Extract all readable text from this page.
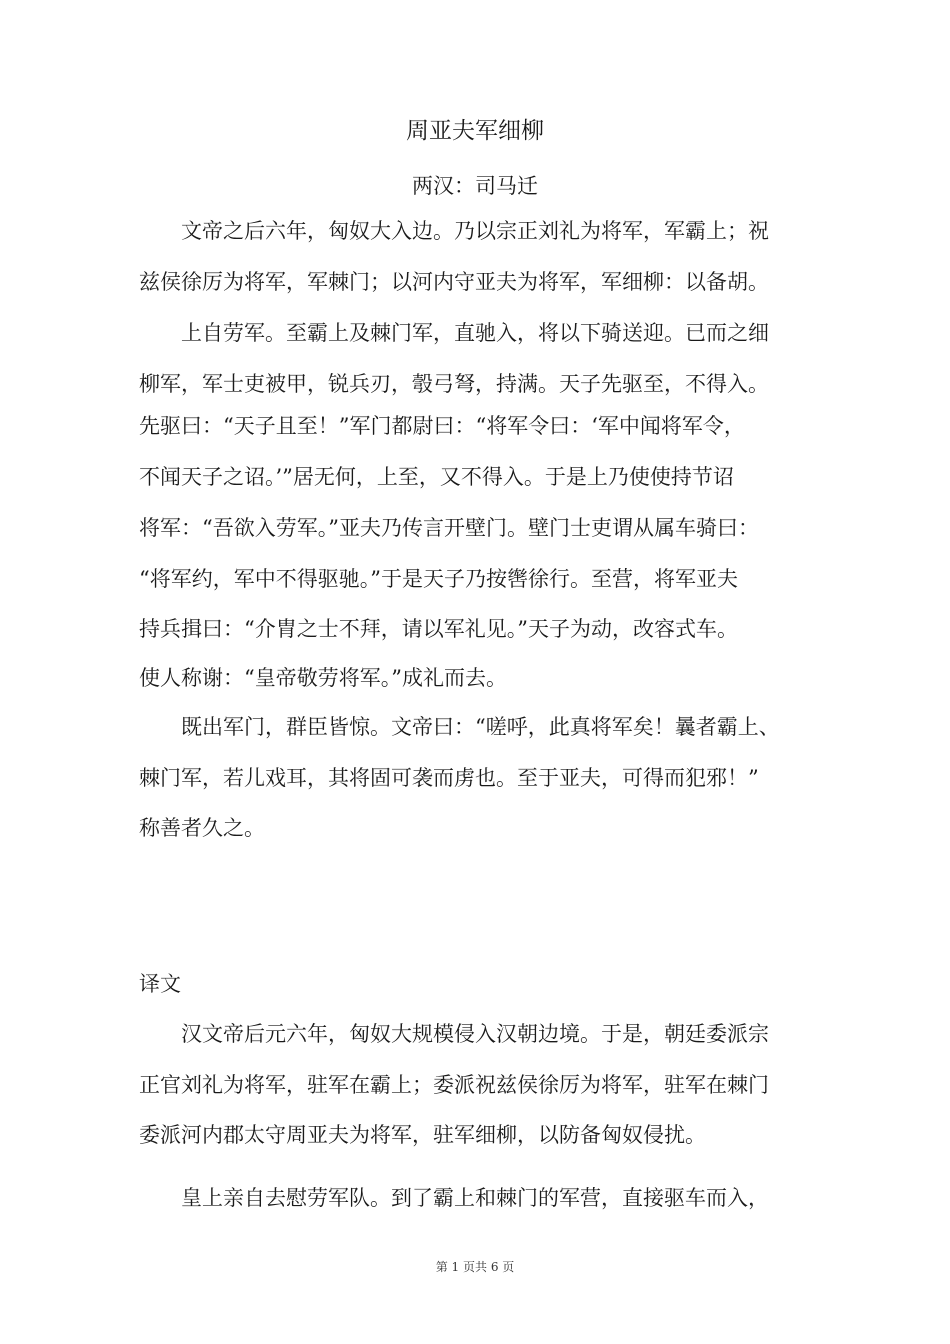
周亚夫军细柳
两汉：司马迁
文帝之后六年，匈奴大入边。乃以宗正刘礼为将军，军霸上；祝
兹侯徐厉为将军，军棘门；以河内守亚夫为将军，军细柳：以备胡。
上自劳军。至霸上及棘门军，直驰入，将以下骑送迎。已而之细
柳军，军士吏被甲，锐兵刃，彀弓弩，持满。天子先驱至，不得入。
先驱曰：“天子且至！”军门都尉曰：“将军令曰：‘军中闻将军令，
不闻天子之诏。’”居无何，上至，又不得入。于是上乃使使持节诏
将军：“吾欲入劳军。”亚夫乃传言开壁门。壁门士吏谓从属车骑曰：
“将军约，军中不得驱驰。”于是天子乃按辔徐行。至营，将军亚夫
持兵揖曰：“介胄之士不拜，请以军礼见。”天子为动，改容式车。
使人称谢：“皇帝敬劳将军。”成礼而去。
既出军门，群臣皆惊。文帝曰：“嗟呼，此真将军矣！曩者霸上、
棘门军，若儿戏耳，其将固可袭而虏也。至于亚夫，可得而犯邪！”
称善者久之。
译文
汉文帝后元六年，匈奴大规模侵入汉朝边境。于是，朝廷委派宗
正官刘礼为将军，驻军在霸上；委派祝兹侯徐厉为将军，驻军在棘门
委派河内郡太守周亚夫为将军，驻军细柳，以防备匈奴侵扰。
皇上亲自去慰劳军队。到了霸上和棘门的军营，直接驱车而入，
第 1 页共 6 页
